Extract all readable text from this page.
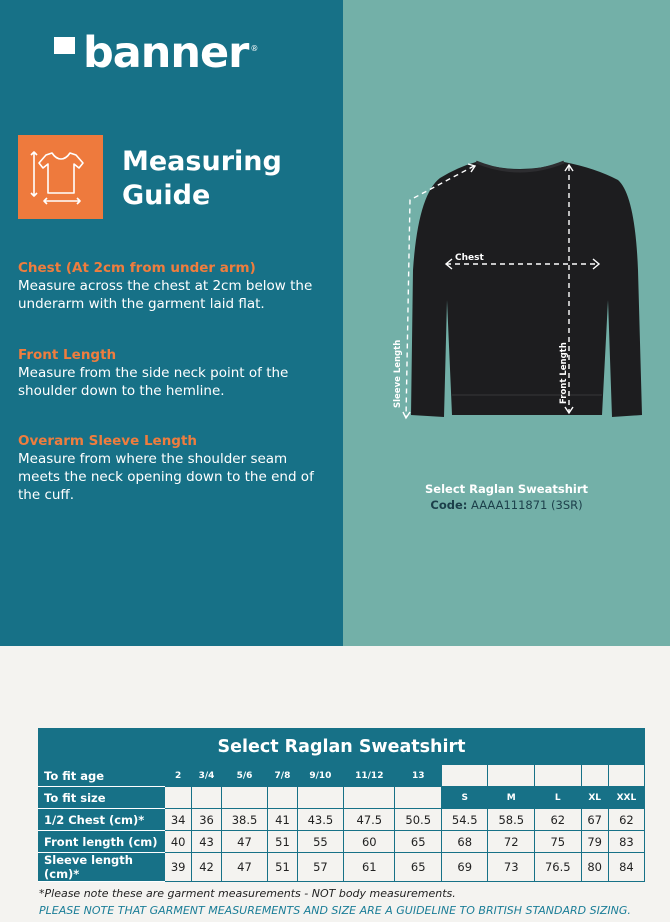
banner ®
Measuring
Guide
Chest (At 2cm from under arm)
Measure across the chest at 2cm below the underarm with the garment laid flat.
Front Length
Measure from the side neck point of the shoulder down to the hemline.
Overarm Sleeve Length
Measure from where the shoulder seam meets the neck opening down to the end of the cuff.
Chest
Sleeve Length	Front Length
Select Raglan Sweatshirt
Code: AAAA111871 (3SR)
Select Raglan Sweatshirt												
To fit age	2	3/4	5/6	7/8	9/10	11/12	13					
To fit size								S	M	L	XL	XXL
1/2 Chest (cm)*	34	36	38.5	41	43.5	47.5	50.5	54.5	58.5	62	67	62
Front length (cm)	40	43	47	51	55	60	65	68	72	75	79	83
Sleeve length (cm)*	39	42	47	51	57	61	65	69	73	76.5	80	84
*Please note these are garment measurements - NOT body measurements.
PLEASE NOTE THAT GARMENT MEASUREMENTS AND SIZE ARE A GUIDELINE TO BRITISH STANDARD SIZING.
